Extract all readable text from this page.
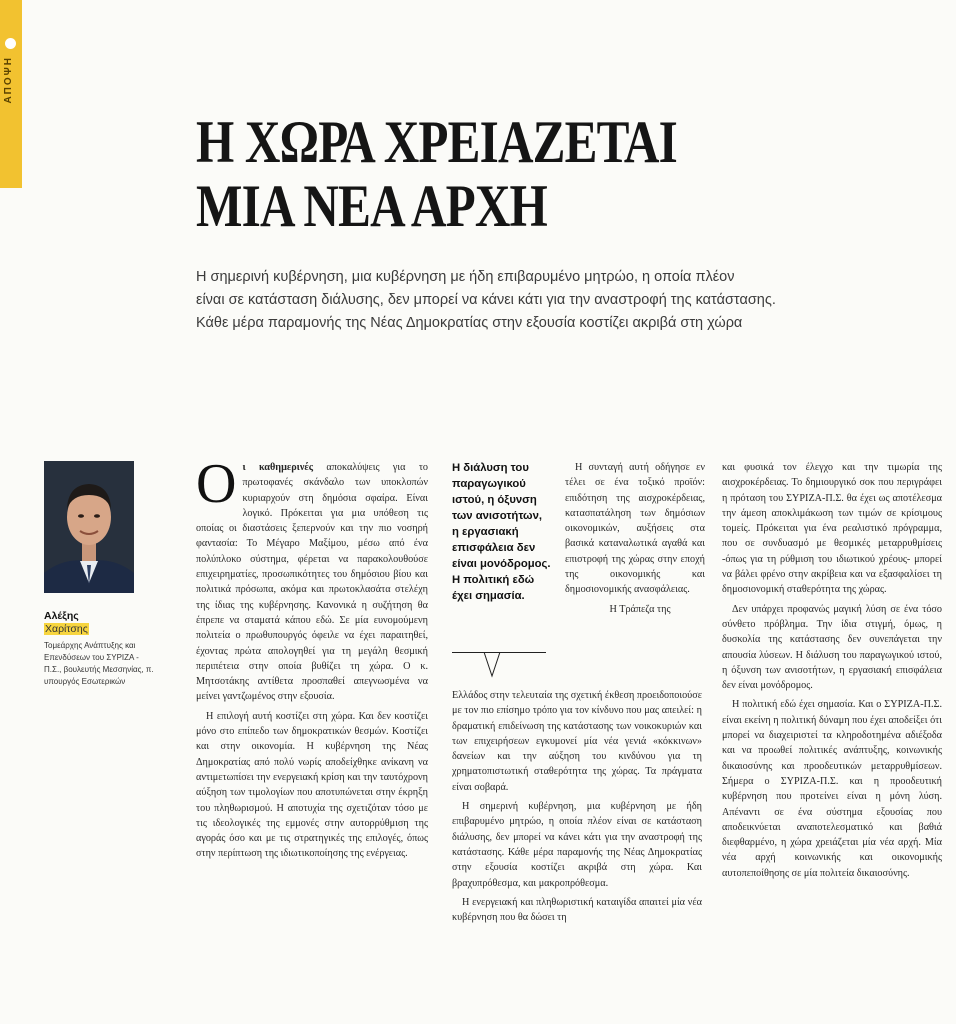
ΑΠΟΨΗ
Η ΧΩΡΑ ΧΡΕΙΑΖΕΤΑΙ
ΜΙΑ ΝΕΑ ΑΡΧΗ
Η σημερινή κυβέρνηση, μια κυβέρνηση με ήδη επιβαρυμένο μητρώο, η οποία πλέον
είναι σε κατάσταση διάλυσης, δεν μπορεί να κάνει κάτι για την αναστροφή της κατάστασης.
Κάθε μέρα παραμονής της Νέας Δημοκρατίας στην εξουσία κοστίζει ακριβά στη χώρα
Αλέξης
Χαρίτσης
Τομεάρχης Ανάπτυξης και Επενδύσεων του ΣΥΡΙΖΑ - Π.Σ., βουλευτής Μεσσηνίας, π. υπουργός Εσωτερικών

Οι καθημερινές αποκαλύψεις για το πρωτοφανές σκάνδαλο των υποκλοπών κυριαρχούν στη δημόσια σφαίρα. Είναι λογικό. Πρόκειται για μια υπόθεση τις οποίας οι διαστάσεις ξεπερνούν και την πιο νοσηρή φαντασία: Το Μέγαρο Μαξίμου, μέσω από ένα πολύπλοκο σύστημα, φέρεται να παρακολουθούσε επιχειρηματίες, προσωπικότητες του δημόσιου βίου και πολιτικά πρόσωπα, ακόμα και πρωτοκλασάτα στελέχη της ίδιας της κυβέρνησης. Κανονικά η συζήτηση θα έπρεπε να σταματά κάπου εδώ. Σε μία ευνομούμενη πολιτεία ο πρωθυπουργός όφειλε να έχει παραιτηθεί, έχοντας πρώτα απολογηθεί για τη μεγάλη θεσμική περιπέτεια στην οποία βυθίζει τη χώρα. Ο κ. Μητσοτάκης αντίθετα προσπαθεί απεγνωσμένα να μείνει γαντζωμένος στην εξουσία.

Η επιλογή αυτή κοστίζει στη χώρα. Και δεν κοστίζει μόνο στο επίπεδο των δημοκρατικών θεσμών. Κοστίζει και στην οικονομία. Η κυβέρνηση της Νέας Δημοκρατίας από πολύ νωρίς αποδείχθηκε ανίκανη να αντιμετωπίσει την ενεργειακή κρίση και την ταυτόχρονη αύξηση των τιμολογίων που αποτυπώνεται στην έκρηξη του πληθωρισμού. Η αποτυχία της σχετιζόταν τόσο με τις ιδεολογικές της εμμονές στην αυτορρύθμιση της αγοράς όσο και με τις στρατηγικές της επιλογές, όπως στην περίπτωση της ιδιωτικοποίησης της ενέργειας.

Η διάλυση του παραγωγικού ιστού, η όξυνση των ανισοτήτων, η εργασιακή επισφάλεια δεν είναι μονόδρομος. Η πολιτική εδώ έχει σημασία.

Η συνταγή αυτή οδήγησε εν τέλει σε ένα τοξικό προϊόν: επιδότηση της αισχροκέρδειας, κατασπατάληση των δημόσιων οικονομικών, αυξήσεις στα βασικά καταναλωτικά αγαθά και επιστροφή της χώρας στην εποχή της οικονομικής και δημοσιονομικής ανασφάλειας.

Η Τράπεζα της

Ελλάδος στην τελευταία της σχετική έκθεση προειδοποιούσε με τον πιο επίσημο τρόπο για τον κίνδυνο που μας απειλεί: η δραματική επιδείνωση της κατάστασης των νοικοκυριών και των επιχειρήσεων εγκυμονεί μία νέα γενιά «κόκκινων» δανείων και την αύξηση του κινδύνου για τη χρηματοπιστωτική σταθερότητα της χώρας. Τα πράγματα είναι σοβαρά.

Η σημερινή κυβέρνηση, μια κυβέρνηση με ήδη επιβαρυμένο μητρώο, η οποία πλέον είναι σε κατάσταση διάλυσης, δεν μπορεί να κάνει κάτι για την αναστροφή της κατάστασης. Κάθε μέρα παραμονής της Νέας Δημοκρατίας στην εξουσία κοστίζει ακριβά στη χώρα. Και βραχυπρόθεσμα, και μακροπρόθεσμα.

Η ενεργειακή και πληθωριστική καταιγίδα απαιτεί μία νέα κυβέρνηση που θα δώσει τη

και φυσικά τον έλεγχο και την τιμωρία της αισχροκέρδειας. Το δημιουργικό σοκ που περιγράφει η πρόταση του ΣΥΡΙΖΑ-Π.Σ. θα έχει ως αποτέλεσμα την άμεση αποκλιμάκωση των τιμών σε κρίσιμους τομείς. Πρόκειται για ένα ρεαλιστικό πρόγραμμα, που σε συνδυασμό με θεσμικές μεταρρυθμίσεις -όπως για τη ρύθμιση του ιδιωτικού χρέους- μπορεί να βάλει φρένο στην ακρίβεια και να εξασφαλίσει τη δημοσιονομική σταθερότητα της χώρας.

Δεν υπάρχει προφανώς μαγική λύση σε ένα τόσο σύνθετο πρόβλημα. Την ίδια στιγμή, όμως, η δυσκολία της κατάστασης δεν συνεπάγεται την απουσία λύσεων. Η διάλυση του παραγωγικού ιστού, η όξυνση των ανισοτήτων, η εργασιακή επισφάλεια δεν είναι μονόδρομος.

Η πολιτική εδώ έχει σημασία. Και ο ΣΥΡΙΖΑ-Π.Σ. είναι εκείνη η πολιτική δύναμη που έχει αποδείξει ότι μπορεί να διαχειριστεί τα κληροδοτημένα αδιέξοδα και να προωθεί πολιτικές ανάπτυξης, κοινωνικής δικαιοσύνης και προοδευτικών μεταρρυθμίσεων. Σήμερα ο ΣΥΡΙΖΑ-Π.Σ. και η προοδευτική κυβέρνηση που προτείνει είναι η μόνη λύση. Απέναντι σε ένα σύστημα εξουσίας που αποδεικνύεται αναποτελεσματικό και βαθιά διεφθαρμένο, η χώρα χρειάζεται μία νέα αρχή. Μία νέα αρχή κοινωνικής και οικονομικής αυτοπεποίθησης σε μία πολιτεία δικαιοσύνης.
